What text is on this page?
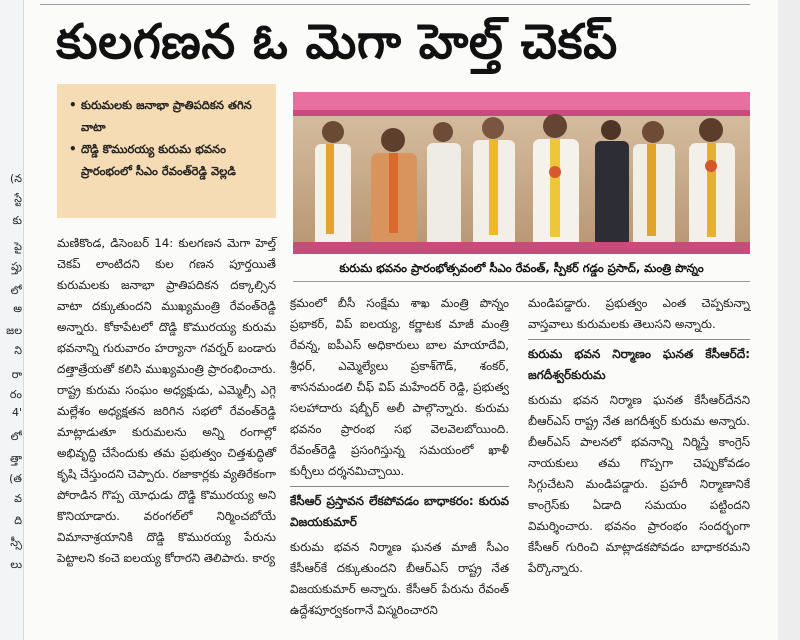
(న
స్టే
కు
పై
ప్తు
లో
అ
జల
ని
రా
రం
4'
లో
త్తా
(త
వ
ది
స్సీ
లు
కులగణన ఓ మెగా హెల్త్ చెకప్
• కురుమలకు జనాభా ప్రాతిపదికన తగిన వాటా
• దొడ్డి కొమురయ్య కురుమ భవనం ప్రారంభంలో సీఎం రేవంత్‌రెడ్డి వెల్లడి
కురుమ భవనం ప్రారంభోత్సవంలో సీఎం రేవంత్, స్పీకర్ గడ్డం ప్రసాద్, మంత్రి పొన్నం

మణికొండ, డిసెంబర్ 14: కులగణన మెగా హెల్త్ చెకప్ లాంటిదని కుల గణన పూర్తయితే కురుమలకు జనాభా ప్రాతిపదికన దక్కాల్సిన వాటా దక్కుతుందని ముఖ్యమంత్రి రేవంత్‌రెడ్డి అన్నారు. కోకాపేటలో దొడ్డి కొమురయ్య కురుమ భవనాన్ని గురువారం హర్యానా గవర్నర్ బండారు దత్తాత్రేయతో కలిసి ముఖ్యమంత్రి ప్రారంభించారు. రాష్ట్ర కురుమ సంఘం అధ్యక్షుడు, ఎమ్మెల్సీ ఎగ్గె మల్లేశం అధ్యక్షతన జరిగిన సభలో రేవంత్‌రెడ్డి మాట్లాడుతూ కురుమలను అన్ని రంగాల్లో అభివృద్ధి చేసేందుకు తమ ప్రభుత్వం చిత్తశుద్ధితో కృషి చేస్తుందని చెప్పారు. రజాకార్లకు వ్యతిరేకంగా పోరాడిన గొప్ప యోధుడు దొడ్డి కొమురయ్య అని కొనియాడారు. వరంగల్‌లో నిర్మించబోయే విమానాశ్రయానికి దొడ్డి కొమురయ్య పేరును పెట్టాలని కంచె ఐలయ్య కోరారని తెలిపారు. కార్య

క్రమంలో బీసీ సంక్షేమ శాఖ మంత్రి పొన్నం ప్రభాకర్, విప్ ఐలయ్య, కర్ణాటక మాజీ మంత్రి రేవన్న, ఐపీఎస్ అధికారులు బాల మాయాదేవి, శ్రీధర్, ఎమ్మెల్యేలు ప్రకాశ్‌గౌడ్, శంకర్, శాసనమండలి చీఫ్ విప్ మహేందర్ రెడ్డి, ప్రభుత్వ సలహాదారు షబ్బీర్ అలీ పాల్గొన్నారు. కురుమ భవనం ప్రారంభ సభ వెలవెలబోయింది. రేవంత్‌రెడ్డి ప్రసంగిస్తున్న సమయంలో ఖాళీ కుర్చీలు దర్శనమిచ్చాయి.

కేసీఆర్ ప్రస్తావన లేకపోవడం బాధాకరం: కురువ విజయకుమార్

కురుమ భవన నిర్మాణ ఘనత మాజీ సీఎం కేసీఆర్‌కే దక్కుతుందని బీఆర్ఎస్ రాష్ట్ర నేత విజయకుమార్ అన్నారు. కేసీఆర్ పేరును రేవంత్ ఉద్దేశపూర్వకంగానే విస్మరించారని

మండిపడ్డారు. ప్రభుత్వం ఎంత చెప్పకున్నా వాస్తవాలు కురుమలకు తెలుసని అన్నారు.

కురుమ భవన నిర్మాణం ఘనత కేసీఆర్‌దే: జగదీశ్వర్‌కురుమ

కురుమ భవన నిర్మాణ ఘనత కేసీఆర్‌దేనని బీఆర్ఎస్ రాష్ట్ర నేత జగదీశ్వర్ కురుమ అన్నారు. బీఆర్ఎస్ పాలనలో భవనాన్ని నిర్మిస్తే కాంగ్రెస్ నాయకులు తమ గొప్పగా చెప్పుకోవడం సిగ్గుచేటని మండిపడ్డారు. ప్రహరీ నిర్మాణానికే కాంగ్రెస్‌కు ఏడాది సమయం పట్టిందని విమర్శించారు. భవనం ప్రారంభం సందర్భంగా కేసీఆర్ గురించి మాట్లాడకపోవడం బాధాకరమని పేర్కొన్నారు.
